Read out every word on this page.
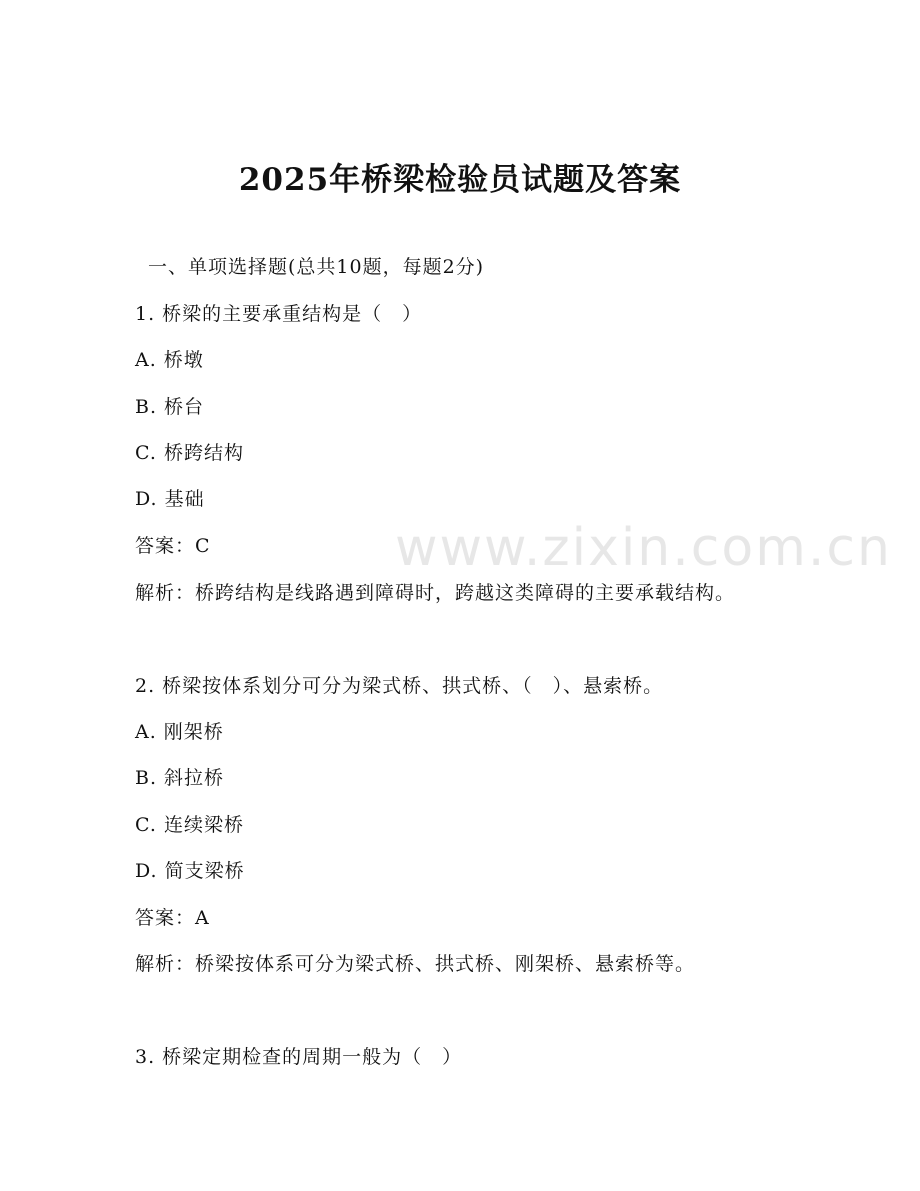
www.zixin.com.cn
2025年桥梁检验员试题及答案
一、单项选择题(总共10题，每题2分)
1. 桥梁的主要承重结构是（　）
A. 桥墩
B. 桥台
C. 桥跨结构
D. 基础
答案：C
解析：桥跨结构是线路遇到障碍时，跨越这类障碍的主要承载结构。
2. 桥梁按体系划分可分为梁式桥、拱式桥、（　）、悬索桥。
A. 刚架桥
B. 斜拉桥
C. 连续梁桥
D. 简支梁桥
答案：A
解析：桥梁按体系可分为梁式桥、拱式桥、刚架桥、悬索桥等。
3. 桥梁定期检查的周期一般为（　）
